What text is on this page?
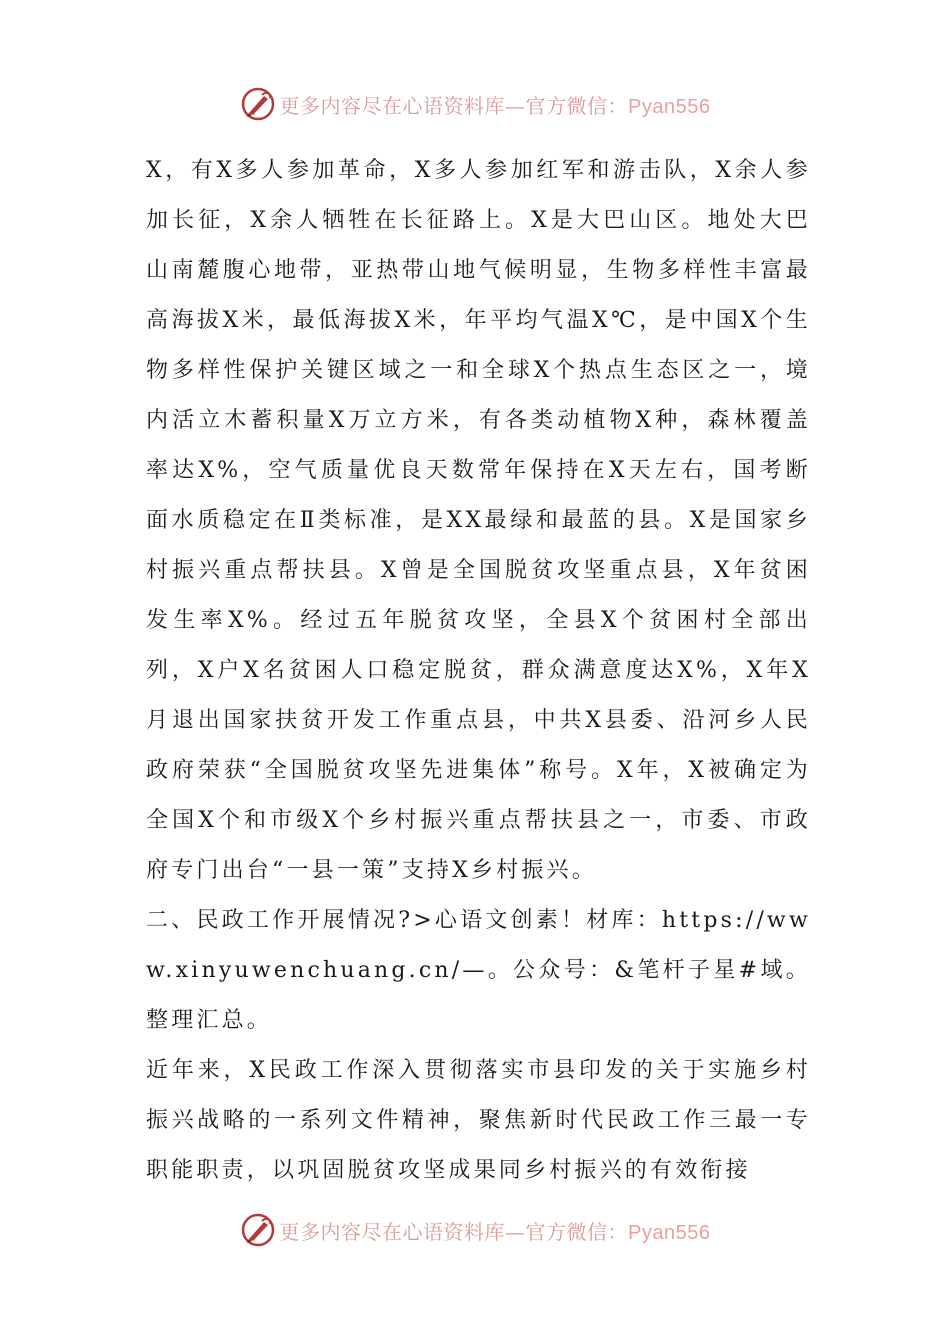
更多内容尽在心语资料库—官方微信：Pyan556

X，有X多人参加革命，X多人参加红军和游击队，X余人参加长征，X余人牺牲在长征路上。X是大巴山区。地处大巴山南麓腹心地带，亚热带山地气候明显，生物多样性丰富最高海拔X米，最低海拔X米，年平均气温X℃，是中国X个生物多样性保护关键区域之一和全球X个热点生态区之一，境内活立木蓄积量X万立方米，有各类动植物X种，森林覆盖率达X%，空气质量优良天数常年保持在X天左右，国考断面水质稳定在Ⅱ类标准，是XX最绿和最蓝的县。X是国家乡村振兴重点帮扶县。X曾是全国脱贫攻坚重点县，X年贫困发生率X%。经过五年脱贫攻坚，全县X个贫困村全部出列，X户X名贫困人口稳定脱贫，群众满意度达X%，X年X月退出国家扶贫开发工作重点县，中共X县委、沿河乡人民政府荣获“全国脱贫攻坚先进集体”称号。X年，X被确定为全国X个和市级X个乡村振兴重点帮扶县之一，市委、市政府专门出台“一县一策”支持X乡村振兴。

二、民政工作开展情况?>心语文创素！材库：https://www.xinyuwenchuang.cn/—。公众号：&笔杆子星#域。整理汇总。

近年来，X民政工作深入贯彻落实市县印发的关于实施乡村振兴战略的一系列文件精神，聚焦新时代民政工作三最一专职能职责，以巩固脱贫攻坚成果同乡村振兴的有效衔接

更多内容尽在心语资料库—官方微信：Pyan556
